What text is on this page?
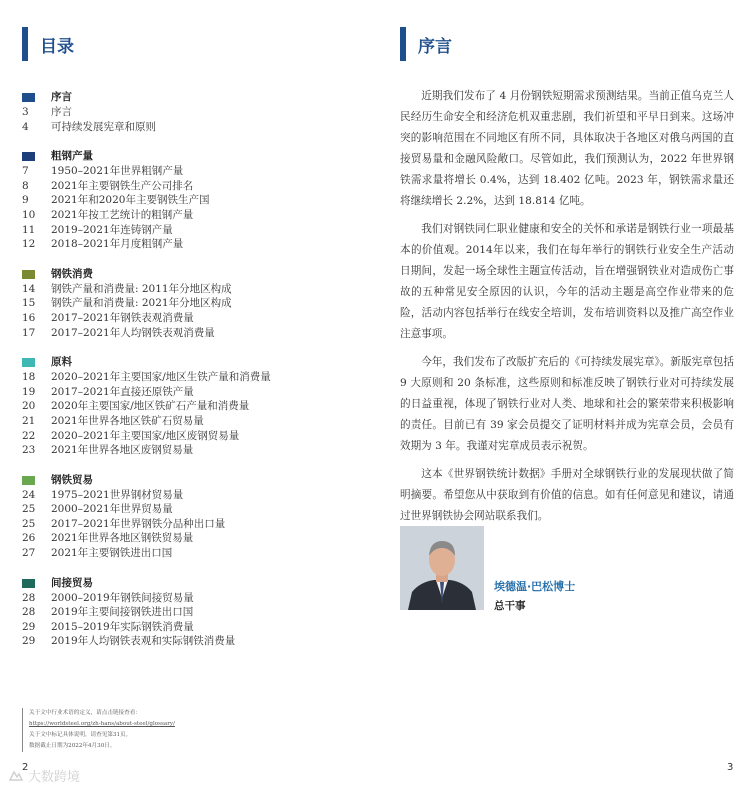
目录
序言
3	序言
4	可持续发展宪章和原则
粗钢产量
7	1950–2021年世界粗钢产量
8	2021年主要钢铁生产公司排名
9	2021年和2020年主要钢铁生产国
10	2021年按工艺统计的粗钢产量
11	2019–2021年连铸钢产量
12	2018–2021年月度粗钢产量
钢铁消费
14	钢铁产量和消费量: 2011年分地区构成
15	钢铁产量和消费量: 2021年分地区构成
16	2017–2021年钢铁表观消费量
17	2017–2021年人均钢铁表观消费量
原料
18	2020–2021年主要国家/地区生铁产量和消费量
19	2017–2021年直接还原铁产量
20	2020年主要国家/地区铁矿石产量和消费量
21	2021年世界各地区铁矿石贸易量
22	2020–2021年主要国家/地区废钢贸易量
23	2021年世界各地区废钢贸易量
钢铁贸易
24	1975–2021世界钢材贸易量
25	2000–2021年世界贸易量
25	2017–2021年世界钢铁分品种出口量
26	2021年世界各地区钢铁贸易量
27	2021年主要钢铁进出口国
间接贸易
28	2000–2019年钢铁间接贸易量
28	2019年主要间接钢铁进出口国
29	2015–2019年实际钢铁消费量
29	2019年人均钢铁表观和实际钢铁消费量
关于文中行业术语的定义，请点击链接查看：
https://worldsteel.org/zh-hans/about-steel/glossary/
关于文中标记具体说明，请查见第31页。
数据截止日期为2022年4月30日。
2
大数跨境
序言

近期我们发布了 4 月份钢铁短期需求预测结果。当前正值乌克兰人民经历生命安全和经济危机双重悲剧，我们祈望和平早日到来。这场冲突的影响范围在不同地区有所不同，具体取决于各地区对俄乌两国的直接贸易量和金融风险敞口。尽管如此，我们预测认为，2022 年世界钢铁需求量将增长 0.4%，达到 18.402 亿吨。2023 年，钢铁需求量还将继续增长 2.2%，达到 18.814 亿吨。

我们对钢铁同仁职业健康和安全的关怀和承诺是钢铁行业一项最基本的价值观。2014年以来，我们在每年举行的钢铁行业安全生产活动日期间，发起一场全球性主题宣传活动，旨在增强钢铁业对造成伤亡事故的五种常见安全原因的认识，今年的活动主题是高空作业带来的危险，活动内容包括举行在线安全培训，发布培训资料以及推广高空作业注意事项。

今年，我们发布了改版扩充后的《可持续发展宪章》。新版宪章包括 9 大原则和 20 条标准，这些原则和标准反映了钢铁行业对可持续发展的日益重视，体现了钢铁行业对人类、地球和社会的繁荣带来积极影响的责任。目前已有 39 家会员提交了证明材料并成为宪章会员，会员有效期为 3 年。我谨对宪章成员表示祝贺。

这本《世界钢铁统计数据》手册对全球钢铁行业的发展现状做了简明摘要。希望您从中获取到有价值的信息。如有任何意见和建议，请通过世界钢铁协会网站联系我们。

埃德温·巴松博士
总干事
3
